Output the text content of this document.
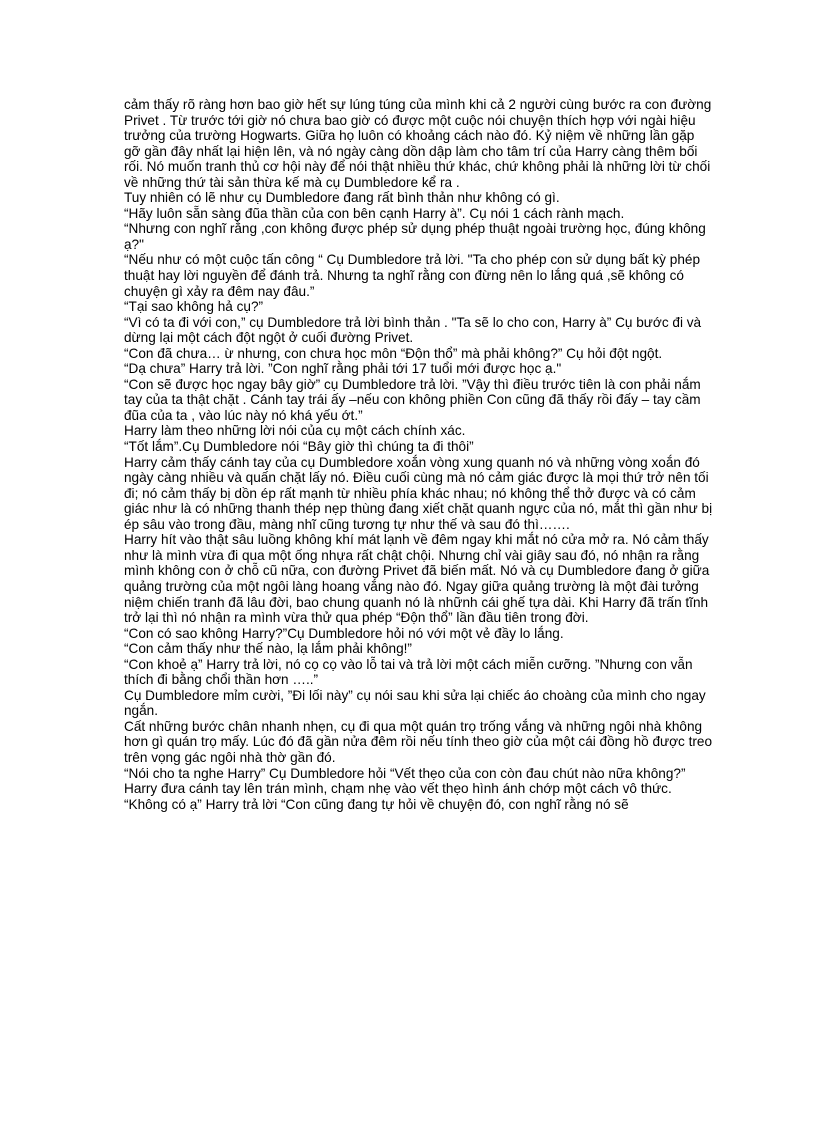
cảm thấy rõ ràng hơn bao giờ hết sự lúng túng của mình khi cả 2 người cùng bước ra con đường Privet . Từ trước tới giờ nó chưa bao giờ có được một cuộc nói chuyện thích hợp với ngài hiệu trưởng của trường Hogwarts. Giữa họ luôn có khoảng cách nào đó. Kỷ niệm về những lần gặp gỡ gần đây nhất lại hiện lên, và nó ngày càng dồn dập làm cho tâm trí của Harry càng thêm bối rối. Nó muốn tranh thủ cơ hội này để nói thật nhiều thứ khác, chứ không phải là những lời từ chối về những thứ tài sản thừa kế mà cụ Dumbledore kể ra .

Tuy nhiên có lẽ như cụ Dumbledore đang rất bình thản như không có gì.

“Hãy luôn sẵn sàng đũa thần của con bên cạnh Harry à”. Cụ nói 1 cách rành mạch.

“Nhưng con nghĩ rằng ,con không được phép sử dụng phép thuật ngoài trường học, đúng không ạ?"

“Nếu như có một cuộc tấn công “ Cụ Dumbledore trả lời. "Ta cho phép con sử dụng bất kỳ phép thuật hay lời nguyền để đánh trả. Nhưng ta nghĩ rằng con đừng nên lo lắng quá ,sẽ không có chuyện gì xảy ra đêm nay đâu.”

“Tại sao không hả cụ?”

“Vì có ta đi với con,” cụ Dumbledore trả lời bình thản . "Ta sẽ lo cho con, Harry à” Cụ bước đi và dừng lại một cách đột ngột ở cuối đường Privet.

“Con đã chưa… ừ nhưng, con chưa học môn “Độn thổ” mà phải không?” Cụ hỏi đột ngột.

“Dạ chưa” Harry trả lời. ”Con nghĩ rằng phải tới 17 tuổi mới được học ạ."

“Con sẽ được học ngay bây giờ” cụ Dumbledore trả lời. ”Vậy thì điều trước tiên là con phải nắm tay của ta thật chặt . Cánh tay trái ấy –nếu con không phiền Con cũng đã thấy rồi đấy – tay cầm đũa của ta , vào lúc này nó khá yếu ớt.”

Harry làm theo những lời nói của cụ một cách chính xác.

“Tốt lắm”.Cụ Dumbledore nói “Bây giờ thì chúng ta đi thôi”

Harry cảm thấy cánh tay của cụ Dumbledore xoắn vòng xung quanh nó và những vòng xoắn đó ngày càng nhiều và quấn chặt lấy nó. Điều cuối cùng mà nó cảm giác được là mọi thứ trở nên tối đi; nó cảm thấy bị dồn ép rất mạnh từ nhiều phía khác nhau; nó không thể thở được và có cảm giác như là có những thanh thép nẹp thùng đang xiết chặt quanh ngực của nó, mắt thì gần như bị ép sâu vào trong đầu, màng nhĩ cũng tương tự như thế và sau đó thì…….

Harry hít vào thật sâu luồng không khí mát lạnh về đêm ngay khi mắt nó cửa mở ra. Nó cảm thấy như là mình vừa đi qua một ống nhựa rất chật chội. Nhưng chỉ vài giây sau đó, nó nhận ra rằng mình không con ở chỗ cũ nữa, con đường Privet đã biến mất. Nó và cụ Dumbledore đang ở giữa quảng trường của một ngôi làng hoang vắng nào đó. Ngay giữa quảng trường là một đài tưởng niệm chiến tranh đã lâu đời, bao chung quanh nó là nhữnh cái ghế tựa dài. Khi Harry đã trấn tĩnh trở lại thì nó nhận ra mình vừa thử qua phép “Độn thổ” lần đầu tiên trong đời.

“Con có sao không Harry?”Cụ Dumbledore hỏi nó với một vẻ đầy lo lắng.

“Con cảm thấy như thế nào, lạ lắm phải không!”

“Con khoẻ ạ” Harry trả lời, nó cọ cọ vào lỗ tai và trả lời một cách miễn cưỡng. ”Nhưng con vẫn thích đi bằng chổi thần hơn …..”

Cụ Dumbledore mỉm cười, ”Đi lối này” cụ nói sau khi sửa lại chiếc áo choàng của mình cho ngay ngắn.

Cất những bước chân nhanh nhẹn, cụ đi qua một quán trọ trống vắng và những ngôi nhà không hơn gì quán trọ mấy. Lúc đó đã gần nửa đêm rồi nếu tính theo giờ của một cái đồng hồ được treo trên vọng gác ngôi nhà thờ gần đó.

“Nói cho ta nghe Harry” Cụ Dumbledore hỏi “Vết thẹo của con còn đau chút nào nữa không?”

Harry đưa cánh tay lên trán mình, chạm nhẹ vào vết thẹo hình ánh chớp một cách vô thức.

“Không có ạ” Harry trả lời “Con cũng đang tự hỏi về chuyện đó, con nghĩ rằng nó sẽ
